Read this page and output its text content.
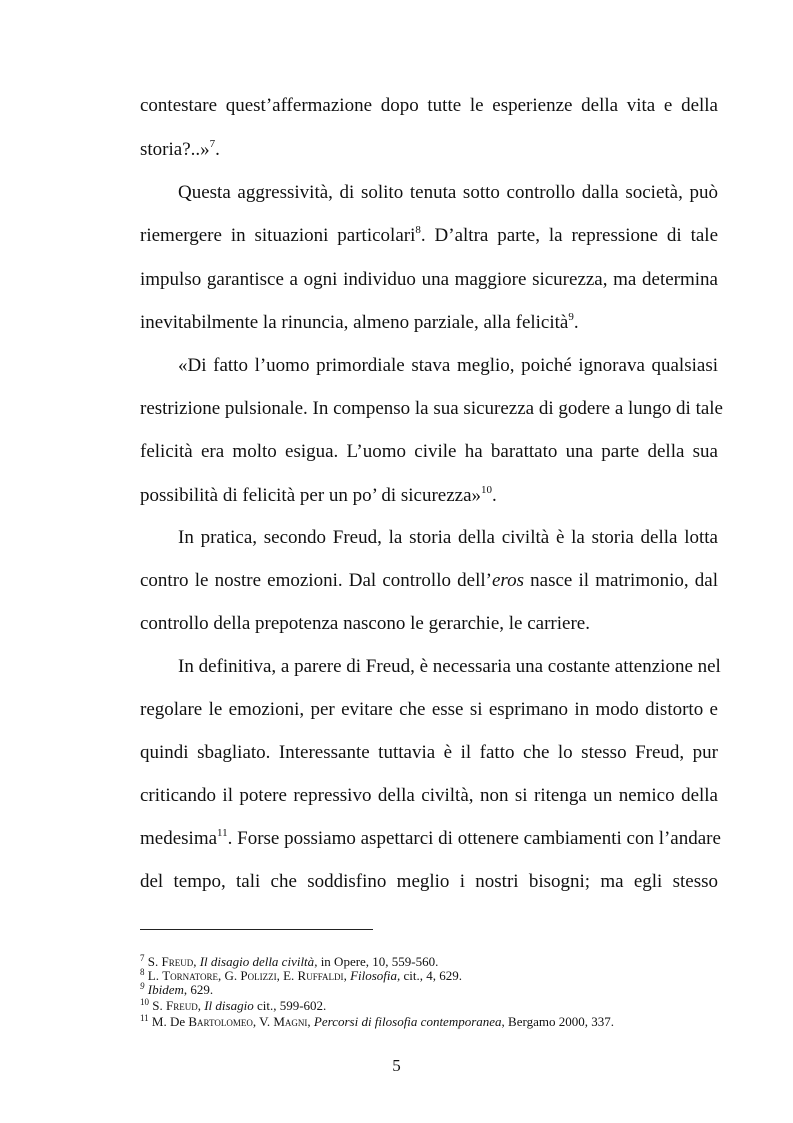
contestare quest’affermazione dopo tutte le esperienze della vita e della
storia?..»$^7$.
Questa aggressività, di solito tenuta sotto controllo dalla società, può
riemergere in situazioni particolari$^8$. D’altra parte, la repressione di tale
impulso garantisce a ogni individuo una maggiore sicurezza, ma determina
inevitabilmente la rinuncia, almeno parziale, alla felicità$^9$.
«Di fatto l’uomo primordiale stava meglio, poiché ignorava qualsiasi
restrizione pulsionale. In compenso la sua sicurezza di godere a lungo di tale
felicità era molto esigua. L’uomo civile ha barattato una parte della sua
possibilità di felicità per un po’ di sicurezza»$^{10}$.
In pratica, secondo Freud, la storia della civiltà è la storia della lotta
contro le nostre emozioni. Dal controllo dell’eros nasce il matrimonio, dal
controllo della prepotenza nascono le gerarchie, le carriere.
In definitiva, a parere di Freud, è necessaria una costante attenzione nel
regolare le emozioni, per evitare che esse si esprimano in modo distorto e
quindi sbagliato. Interessante tuttavia è il fatto che lo stesso Freud, pur
criticando il potere repressivo della civiltà, non si ritenga un nemico della
medesima$^{11}$. Forse possiamo aspettarci di ottenere cambiamenti con l’andare
del tempo, tali che soddisfino meglio i nostri bisogni; ma egli stesso
$^7$ S. Freud, Il disagio della civiltà, in Opere, 10, 559-560.
$^8$ L. Tornatore, G. Polizzi, E. Ruffaldi, Filosofia, cit., 4, 629.
$^9$ Ibidem, 629.
$^{10}$ S. Freud, Il disagio cit., 599-602.
$^{11}$ M. De Bartolomeo, V. Magni, Percorsi di filosofia contemporanea, Bergamo 2000, 337.
5
